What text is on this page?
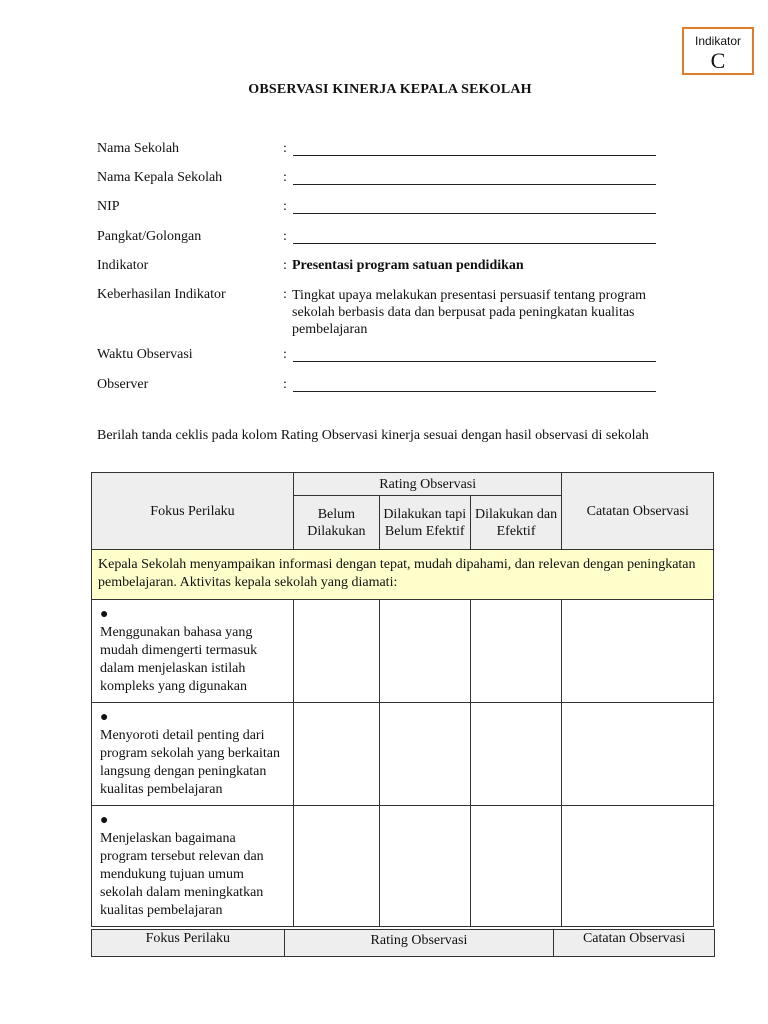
Indikator
C
OBSERVASI KINERJA KEPALA SEKOLAH
Nama Sekolah	:
Nama Kepala Sekolah	:
NIP	:
Pangkat/Golongan	:
Indikator	: Presentasi program satuan pendidikan
Keberhasilan Indikator	: Tingkat upaya melakukan presentasi persuasif tentang program sekolah berbasis data dan berpusat pada peningkatan kualitas pembelajaran
Waktu Observasi	:
Observer	:
Berilah tanda ceklis pada kolom Rating Observasi kinerja sesuai dengan hasil observasi di sekolah
Fokus Perilaku	Rating Observasi			Catatan Observasi
	Belum Dilakukan	Dilakukan tapi Belum Efektif	Dilakukan dan Efektif	
Kepala Sekolah menyampaikan informasi dengan tepat, mudah dipahami, dan relevan dengan peningkatan pembelajaran. Aktivitas kepala sekolah yang diamati:				
●Menggunakan bahasa yang mudah dimengerti termasuk dalam menjelaskan istilah kompleks yang digunakan				
●Menyoroti detail penting dari program sekolah yang berkaitan langsung dengan peningkatan kualitas pembelajaran				
●Menjelaskan bagaimana program tersebut relevan dan mendukung tujuan umum sekolah dalam meningkatkan kualitas pembelajaran				
Fokus Perilaku	Rating Observasi	Catatan Observasi
